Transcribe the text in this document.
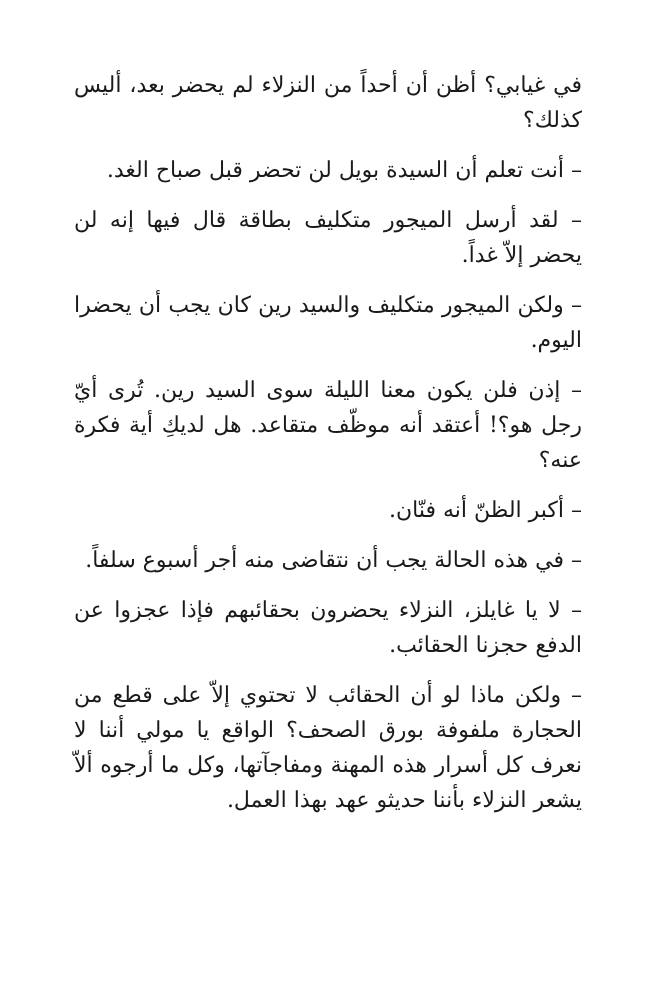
في غيابي؟ أظن أن أحداً من النزلاء لم يحضر بعد، أليس كذلك؟

– أنت تعلم أن السيدة بويل لن تحضر قبل صباح الغد.

– لقد أرسل الميجور متكليف بطاقة قال فيها إنه لن يحضر إلاّ غداً.

– ولكن الميجور متكليف والسيد رين كان يجب أن يحضرا اليوم.

– إذن فلن يكون معنا الليلة سوى السيد رين. تُرى أيّ رجل هو؟! أعتقد أنه موظّف متقاعد. هل لديكِ أية فكرة عنه؟

– أكبر الظنّ أنه فنّان.

– في هذه الحالة يجب أن نتقاضى منه أجر أسبوع سلفاً.

– لا يا غايلز، النزلاء يحضرون بحقائبهم فإذا عجزوا عن الدفع حجزنا الحقائب.

– ولكن ماذا لو أن الحقائب لا تحتوي إلاّ على قطع من الحجارة ملفوفة بورق الصحف؟ الواقع يا مولي أننا لا نعرف كل أسرار هذه المهنة ومفاجآتها، وكل ما أرجوه ألاّ يشعر النزلاء بأننا حديثو عهد بهذا العمل.
